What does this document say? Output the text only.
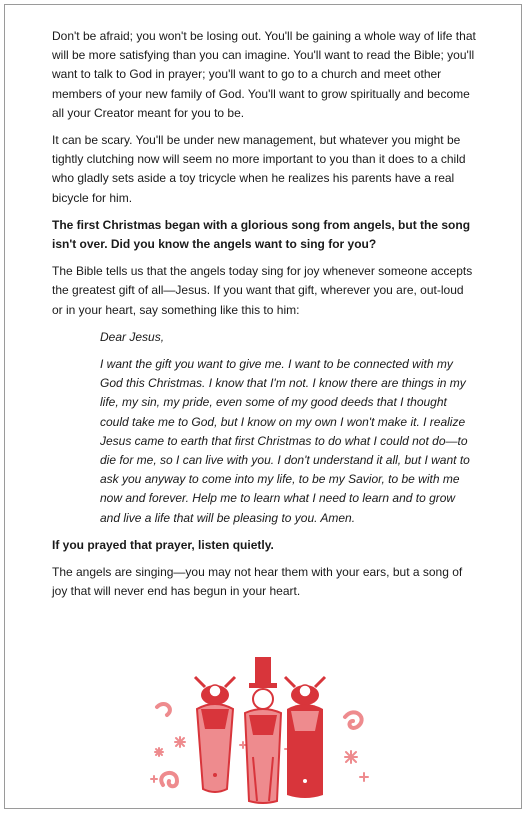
Don't be afraid; you won't be losing out. You'll be gaining a whole way of life that will be more satisfying than you can imagine. You'll want to read the Bible; you'll want to talk to God in prayer; you'll want to go to a church and meet other members of your new family of God. You'll want to grow spiritually and become all your Creator meant for you to be.

It can be scary. You'll be under new management, but whatever you might be tightly clutching now will seem no more important to you than it does to a child who gladly sets aside a toy tricycle when he realizes his parents have a real bicycle for him.

The first Christmas began with a glorious song from angels, but the song isn't over. Did you know the angels want to sing for you?

The Bible tells us that the angels today sing for joy whenever someone accepts the greatest gift of all—Jesus. If you want that gift, wherever you are, out-loud or in your heart, say something like this to him:

Dear Jesus,

I want the gift you want to give me. I want to be connected with my God this Christmas. I know that I'm not. I know there are things in my life, my sin, my pride, even some of my good deeds that I thought could take me to God, but I know on my own I won't make it. I realize Jesus came to earth that first Christmas to do what I could not do—to die for me, so I can live with you. I don't understand it all, but I want to ask you anyway to come into my life, to be my Savior, to be with me now and forever. Help me to learn what I need to learn and to grow and live a life that will be pleasing to you. Amen.

If you prayed that prayer, listen quietly.

The angels are singing—you may not hear them with your ears, but a song of joy that will never end has begun in your heart.
